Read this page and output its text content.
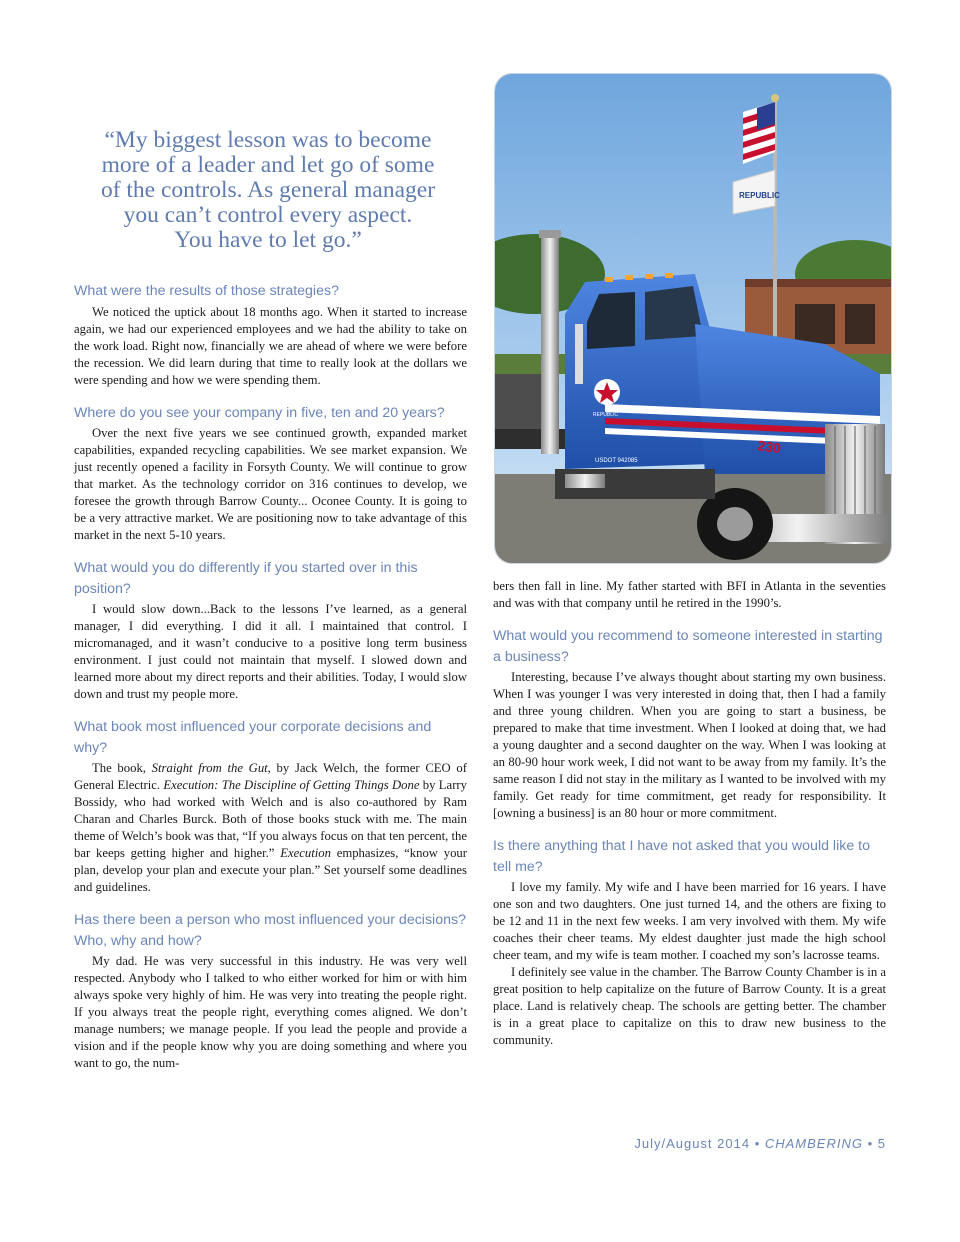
“My biggest lesson was to become
more of a leader and let go of some
of the controls. As general manager
you can’t control every aspect.
You have to let go.”
REPUBLIC
REPUBLIC
USDOT 942085
230
What were the results of those strategies?

We noticed the uptick about 18 months ago. When it started to increase again, we had our experienced employees and we had the ability to take on the work load. Right now, financially we are ahead of where we were before the recession. We did learn during that time to really look at the dollars we were spending and how we were spending them.

Where do you see your company in five, ten and 20 years?

Over the next five years we see continued growth, expanded market capabilities, expanded recycling capabilities. We see market expansion. We just recently opened a facility in Forsyth County. We will continue to grow that market. As the technology corridor on 316 continues to develop, we foresee the growth through Barrow County... Oconee County. It is going to be a very attractive market. We are positioning now to take advantage of this market in the next 5-10 years.

What would you do differently if you started over in this position?

I would slow down...Back to the lessons I’ve learned, as a general manager, I did everything. I did it all. I maintained that control. I micromanaged, and it wasn’t conducive to a positive long term business environment. I just could not maintain that myself. I slowed down and learned more about my direct reports and their abilities. Today, I would slow down and trust my people more.

What book most influenced your corporate decisions and why?

The book, Straight from the Gut, by Jack Welch, the former CEO of General Electric. Execution: The Discipline of Getting Things Done by Larry Bossidy, who had worked with Welch and is also co-authored by Ram Charan and Charles Burck. Both of those books stuck with me. The main theme of Welch’s book was that, “If you always focus on that ten percent, the bar keeps getting higher and higher.” Execution emphasizes, “know your plan, develop your plan and execute your plan.” Set yourself some deadlines and guidelines.

Has there been a person who most influenced your decisions? Who, why and how?

My dad. He was very successful in this industry. He was very well respected. Anybody who I talked to who either worked for him or with him always spoke very highly of him. He was very into treating the people right. If you always treat the people right, everything comes aligned. We don’t manage numbers; we manage people. If you lead the people and provide a vision and if the people know why you are doing something and where you want to go, the num-

bers then fall in line. My father started with BFI in Atlanta in the seventies and was with that company until he retired in the 1990’s.

What would you recommend to someone interested in starting a business?

Interesting, because I’ve always thought about starting my own business. When I was younger I was very interested in doing that, then I had a family and three young children. When you are going to start a business, be prepared to make that time investment. When I looked at doing that, we had a young daughter and a second daughter on the way. When I was looking at an 80-90 hour work week, I did not want to be away from my family. It’s the same reason I did not stay in the military as I wanted to be involved with my family. Get ready for time commitment, get ready for responsibility. It [owning a business] is an 80 hour or more commitment.

Is there anything that I have not asked that you would like to tell me?

I love my family. My wife and I have been married for 16 years. I have one son and two daughters. One just turned 14, and the others are fixing to be 12 and 11 in the next few weeks. I am very involved with them. My wife coaches their cheer teams. My eldest daughter just made the high school cheer team, and my wife is team mother. I coached my son’s lacrosse teams.

I definitely see value in the chamber. The Barrow County Chamber is in a great position to help capitalize on the future of Barrow County. It is a great place. Land is relatively cheap. The schools are getting better. The chamber is in a great place to capitalize on this to draw new business to the community.

July/August 2014 • CHAMBERING • 5
